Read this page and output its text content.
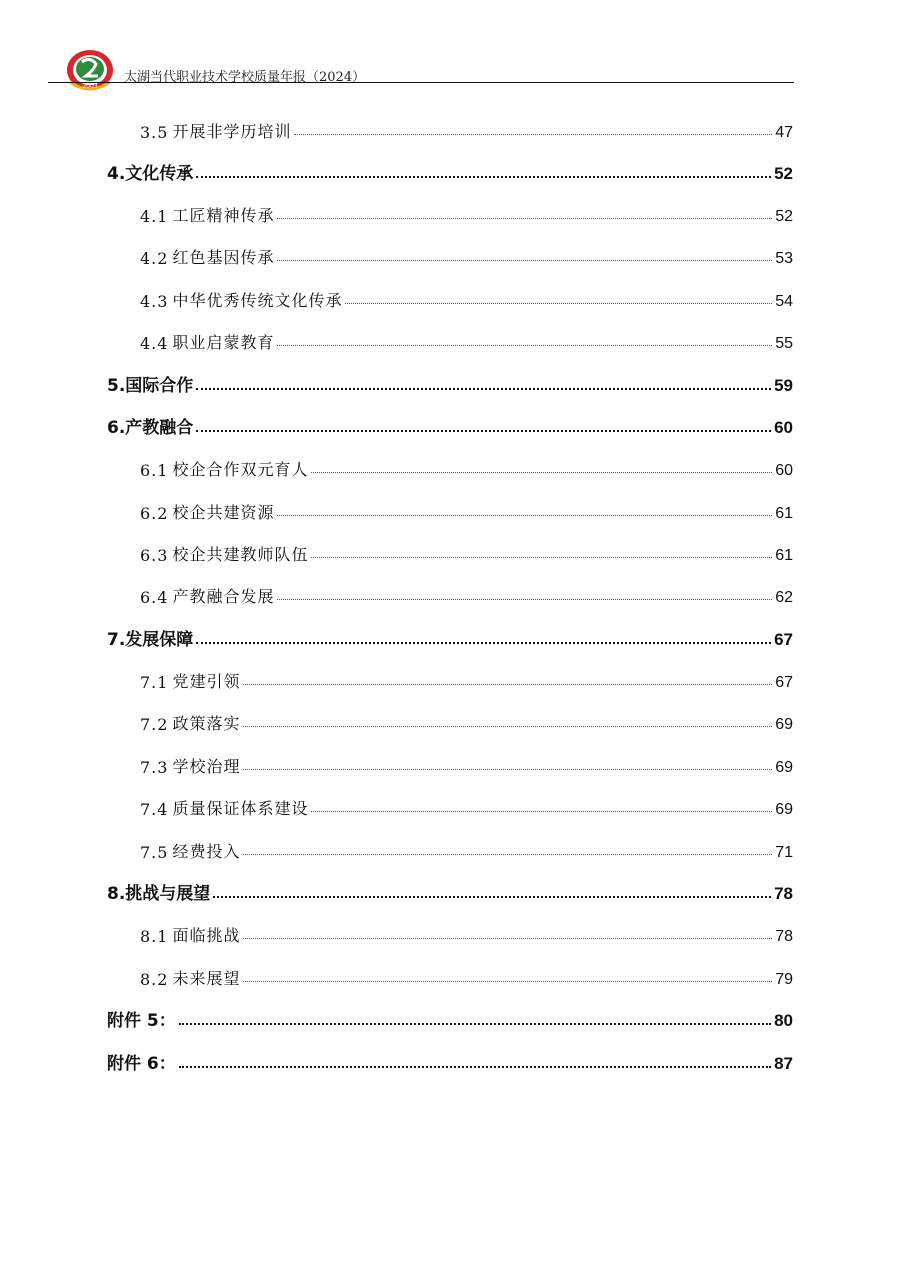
2003
太湖当代职业技术学校质量年报（2024）
3.5 开展非学历培训	47
4. 文化传承	52
4.1 工匠精神传承	52
4.2 红色基因传承	53
4.3 中华优秀传统文化传承	54
4.4 职业启蒙教育	55
5. 国际合作	59
6. 产教融合	60
6.1 校企合作双元育人	60
6.2 校企共建资源	61
6.3 校企共建教师队伍	61
6.4 产教融合发展	62
7. 发展保障	67
7.1 党建引领	67
7.2 政策落实	69
7.3 学校治理	69
7.4 质量保证体系建设	69
7.5 经费投入	71
8. 挑战与展望	78
8.1 面临挑战	78
8.2 未来展望	79
附件 5：	80
附件 6：	87
